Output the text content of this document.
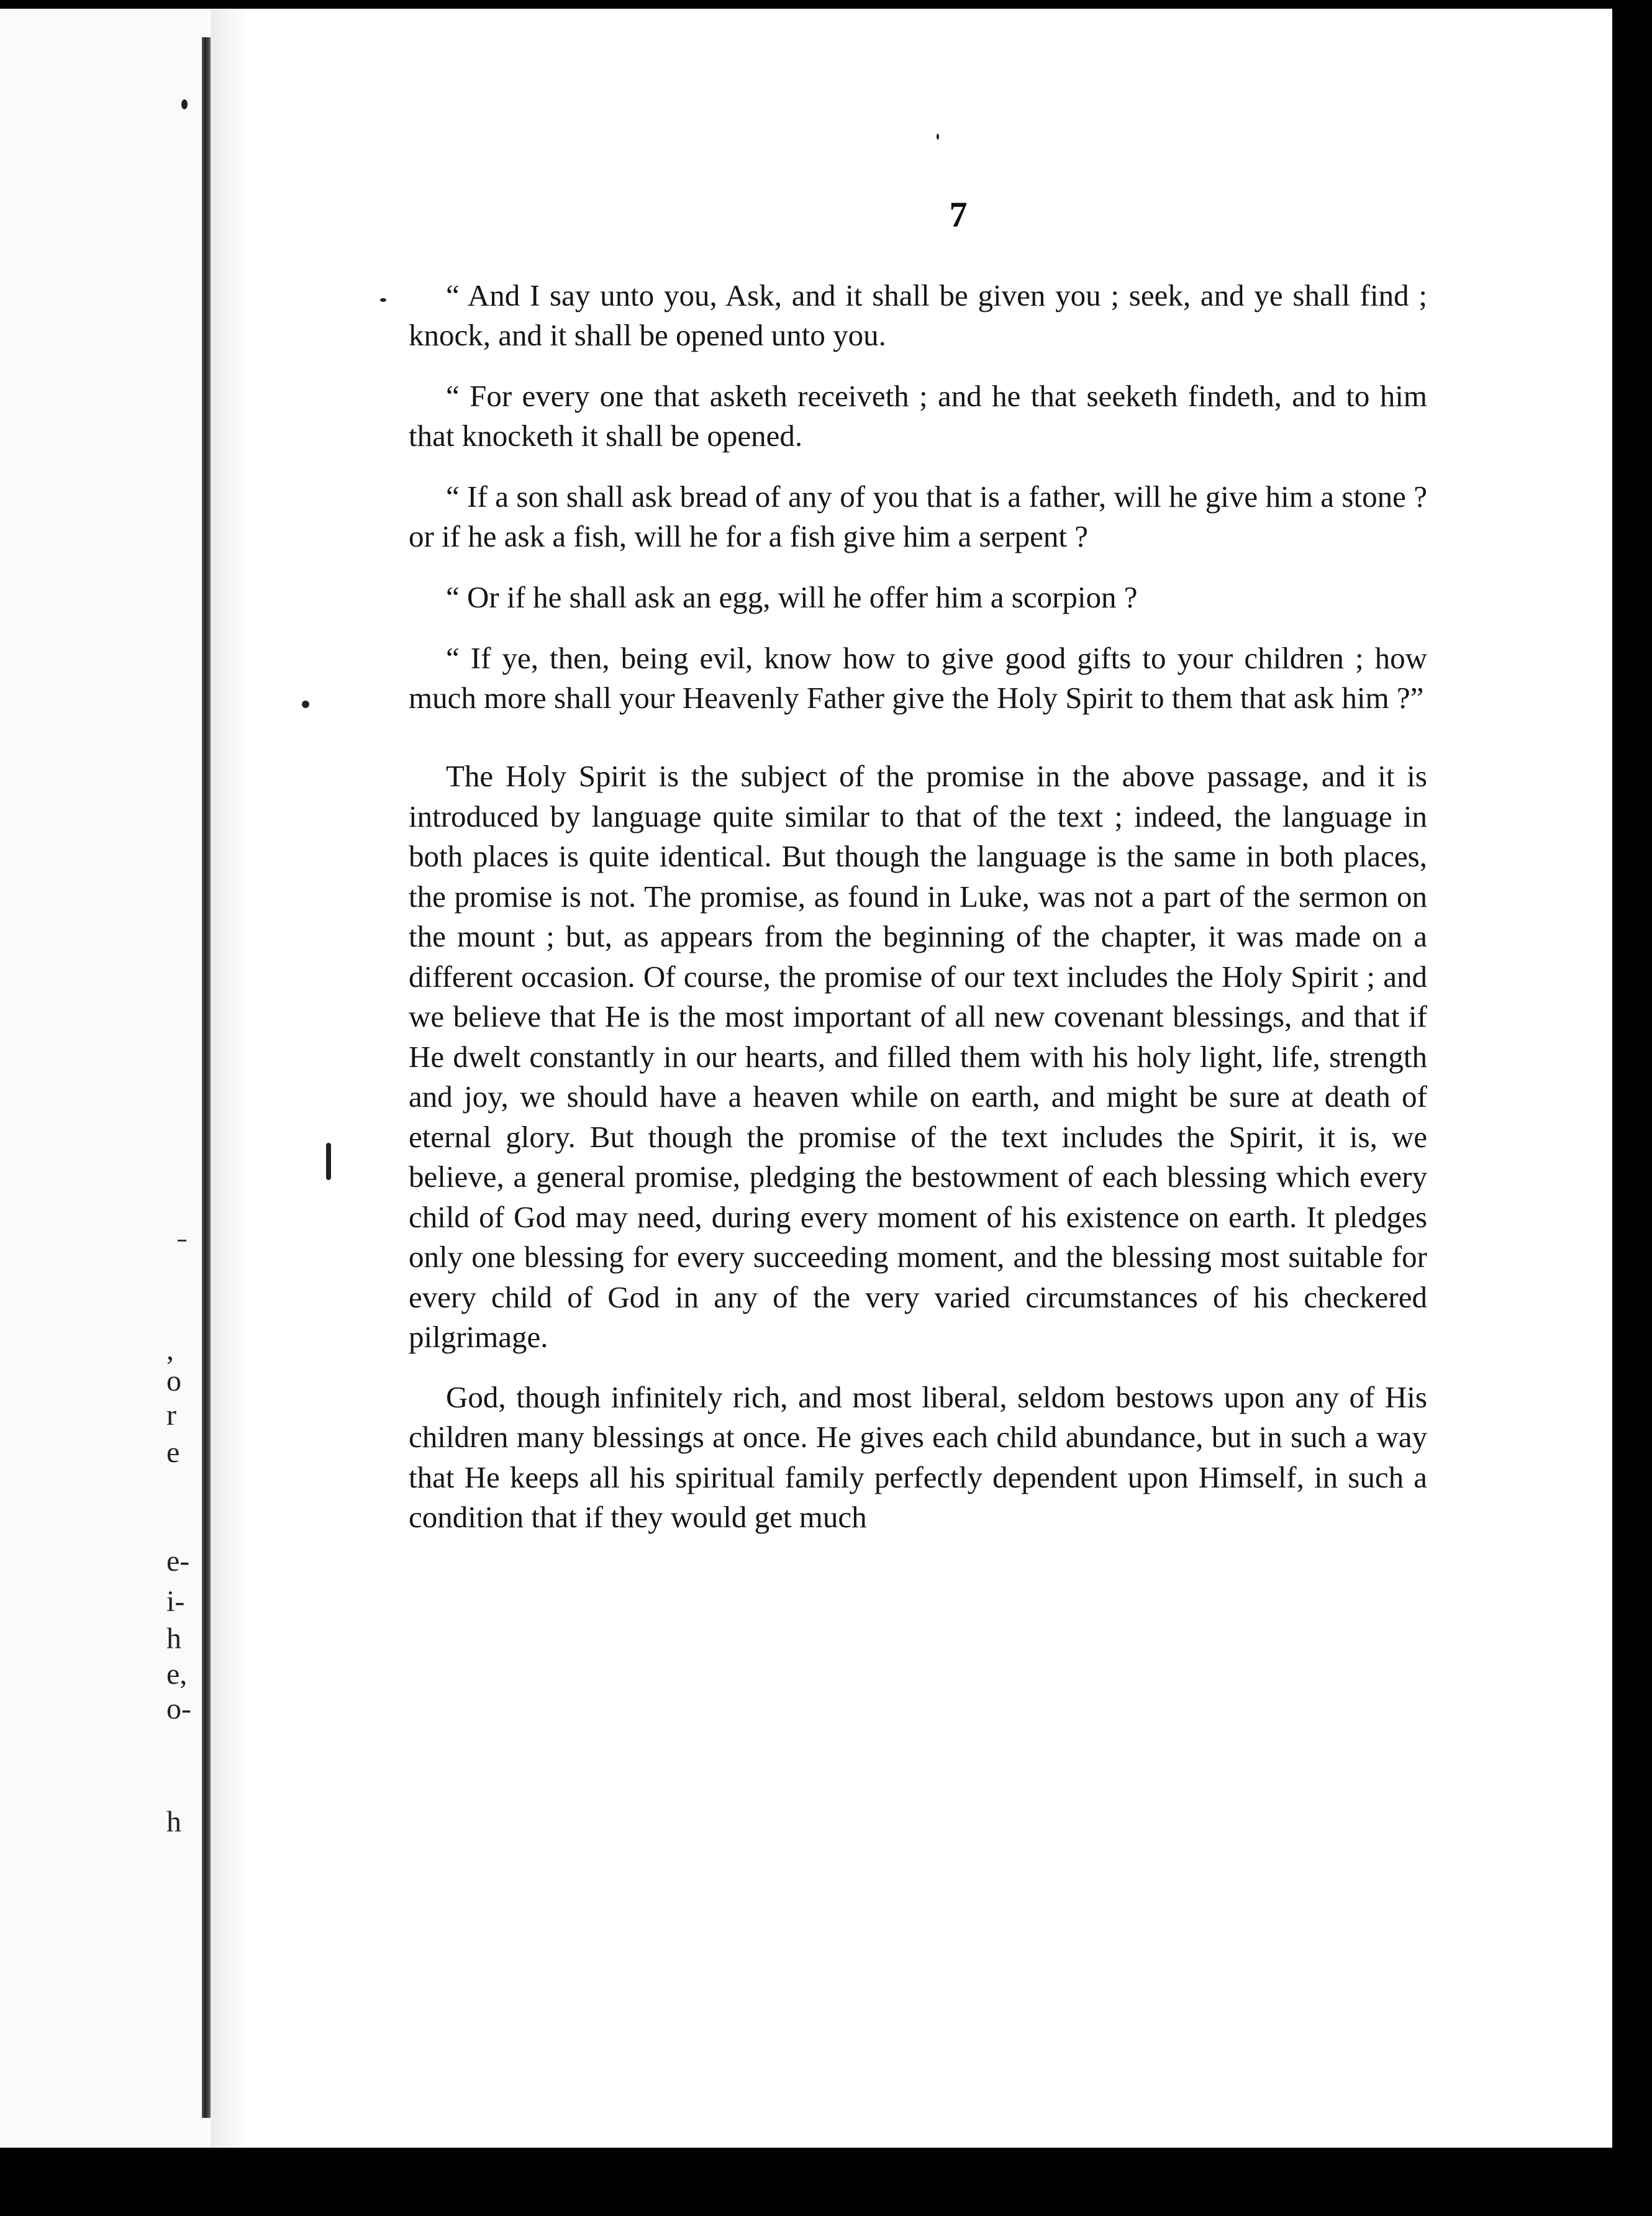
,
o
r
e
e-
i-
h
e,
o-
h
7

“ And I say unto you, Ask, and it shall be given you ; seek, and ye shall find ; knock, and it shall be opened unto you.

“ For every one that asketh receiveth ; and he that seeketh findeth, and to him that knocketh it shall be opened.

“ If a son shall ask bread of any of you that is a father, will he give him a stone ? or if he ask a fish, will he for a fish give him a serpent ?

“ Or if he shall ask an egg, will he offer him a scorpion ?

“ If ye, then, being evil, know how to give good gifts to your children ; how much more shall your Heavenly Father give the Holy Spirit to them that ask him ?”

The Holy Spirit is the subject of the promise in the above passage, and it is introduced by language quite similar to that of the text ; indeed, the language in both places is quite identical. But though the language is the same in both places, the promise is not. The promise, as found in Luke, was not a part of the sermon on the mount ; but, as appears from the beginning of the chapter, it was made on a different occasion. Of course, the promise of our text includes the Holy Spirit ; and we believe that He is the most important of all new covenant blessings, and that if He dwelt constantly in our hearts, and filled them with his holy light, life, strength and joy, we should have a heaven while on earth, and might be sure at death of eternal glory. But though the promise of the text includes the Spirit, it is, we believe, a general promise, pledging the bestowment of each blessing which every child of God may need, during every moment of his existence on earth. It pledges only one blessing for every succeeding moment, and the blessing most suitable for every child of God in any of the very varied circumstances of his checkered pilgrimage.

God, though infinitely rich, and most liberal, seldom bestows upon any of His children many blessings at once. He gives each child abundance, but in such a way that He keeps all his spiritual family perfectly dependent upon Himself, in such a condition that if they would get much
